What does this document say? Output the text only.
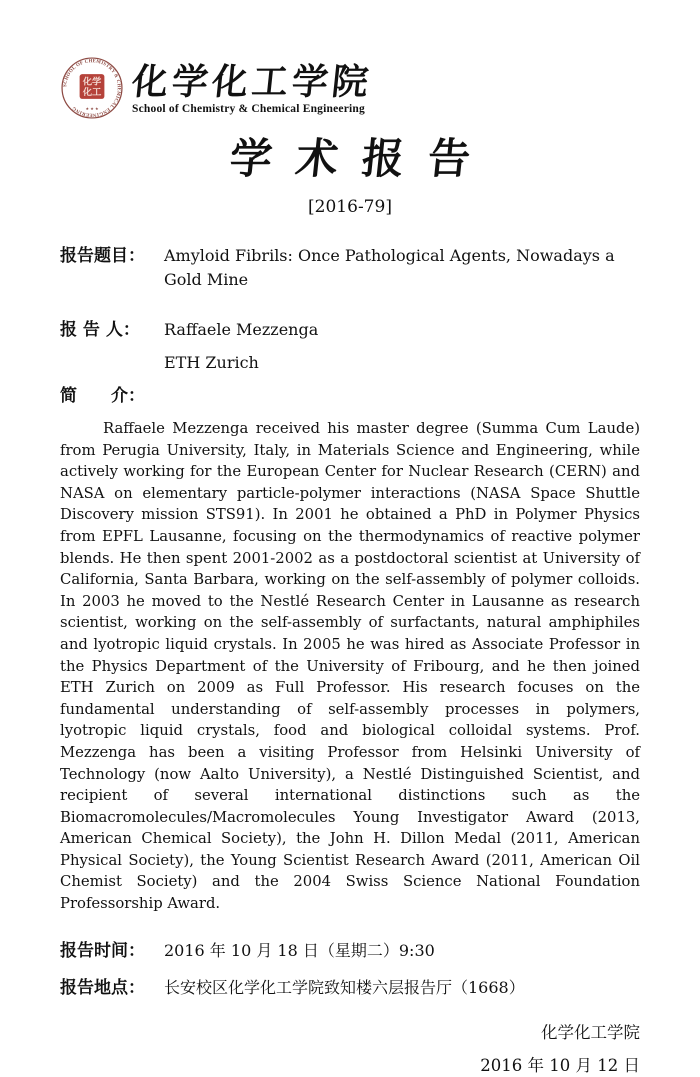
SCHOOL OF CHEMISTRY & CHEMICAL ENGINEERING
化学
化工
★ ★ ★
化学化工学院
School of Chemistry & Chemical Engineering
学术报告
[2016-79]
报告题目：	Amyloid Fibrils: Once Pathological Agents, Nowadays a Gold Mine
报 告 人：	Raffaele Mezzenga
ETH Zurich
简　　介：

Raffaele Mezzenga received his master degree (Summa Cum Laude) from Perugia University, Italy, in Materials Science and Engineering, while actively working for the European Center for Nuclear Research (CERN) and NASA on elementary particle-polymer interactions (NASA Space Shuttle Discovery mission STS91). In 2001 he obtained a PhD in Polymer Physics from EPFL Lausanne, focusing on the thermodynamics of reactive polymer blends. He then spent 2001-2002 as a postdoctoral scientist at University of California, Santa Barbara, working on the self-assembly of polymer colloids. In 2003 he moved to the Nestlé Research Center in Lausanne as research scientist, working on the self-assembly of surfactants, natural amphiphiles and lyotropic liquid crystals. In 2005 he was hired as Associate Professor in the Physics Department of the University of Fribourg, and he then joined ETH Zurich on 2009 as Full Professor. His research focuses on the fundamental understanding of self-assembly processes in polymers, lyotropic liquid crystals, food and biological colloidal systems. Prof. Mezzenga has been a visiting Professor from Helsinki University of Technology (now Aalto University), a Nestlé Distinguished Scientist, and recipient of several international distinctions such as the Biomacromolecules/Macromolecules Young Investigator Award (2013, American Chemical Society), the John H. Dillon Medal (2011, American Physical Society), the Young Scientist Research Award (2011, American Oil Chemist Society) and the 2004 Swiss Science National Foundation Professorship Award.

报告时间：	2016 年 10 月 18 日（星期二）9:30
报告地点：	长安校区化学化工学院致知楼六层报告厅（1668）
化学化工学院
2016 年 10 月 12 日
